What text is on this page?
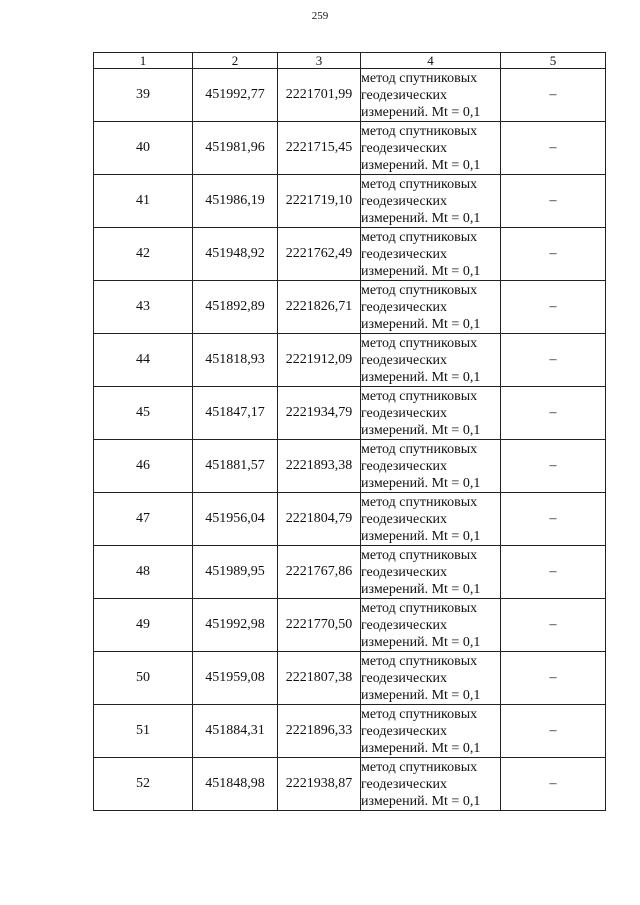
259
1	2	3	4	5
39	451992,77	2221701,99	метод спутниковых
геодезических
измерений. Mt = 0,1	–
40	451981,96	2221715,45	метод спутниковых
геодезических
измерений. Mt = 0,1	–
41	451986,19	2221719,10	метод спутниковых
геодезических
измерений. Mt = 0,1	–
42	451948,92	2221762,49	метод спутниковых
геодезических
измерений. Mt = 0,1	–
43	451892,89	2221826,71	метод спутниковых
геодезических
измерений. Mt = 0,1	–
44	451818,93	2221912,09	метод спутниковых
геодезических
измерений. Mt = 0,1	–
45	451847,17	2221934,79	метод спутниковых
геодезических
измерений. Mt = 0,1	–
46	451881,57	2221893,38	метод спутниковых
геодезических
измерений. Mt = 0,1	–
47	451956,04	2221804,79	метод спутниковых
геодезических
измерений. Mt = 0,1	–
48	451989,95	2221767,86	метод спутниковых
геодезических
измерений. Mt = 0,1	–
49	451992,98	2221770,50	метод спутниковых
геодезических
измерений. Mt = 0,1	–
50	451959,08	2221807,38	метод спутниковых
геодезических
измерений. Mt = 0,1	–
51	451884,31	2221896,33	метод спутниковых
геодезических
измерений. Mt = 0,1	–
52	451848,98	2221938,87	метод спутниковых
геодезических
измерений. Mt = 0,1	–
